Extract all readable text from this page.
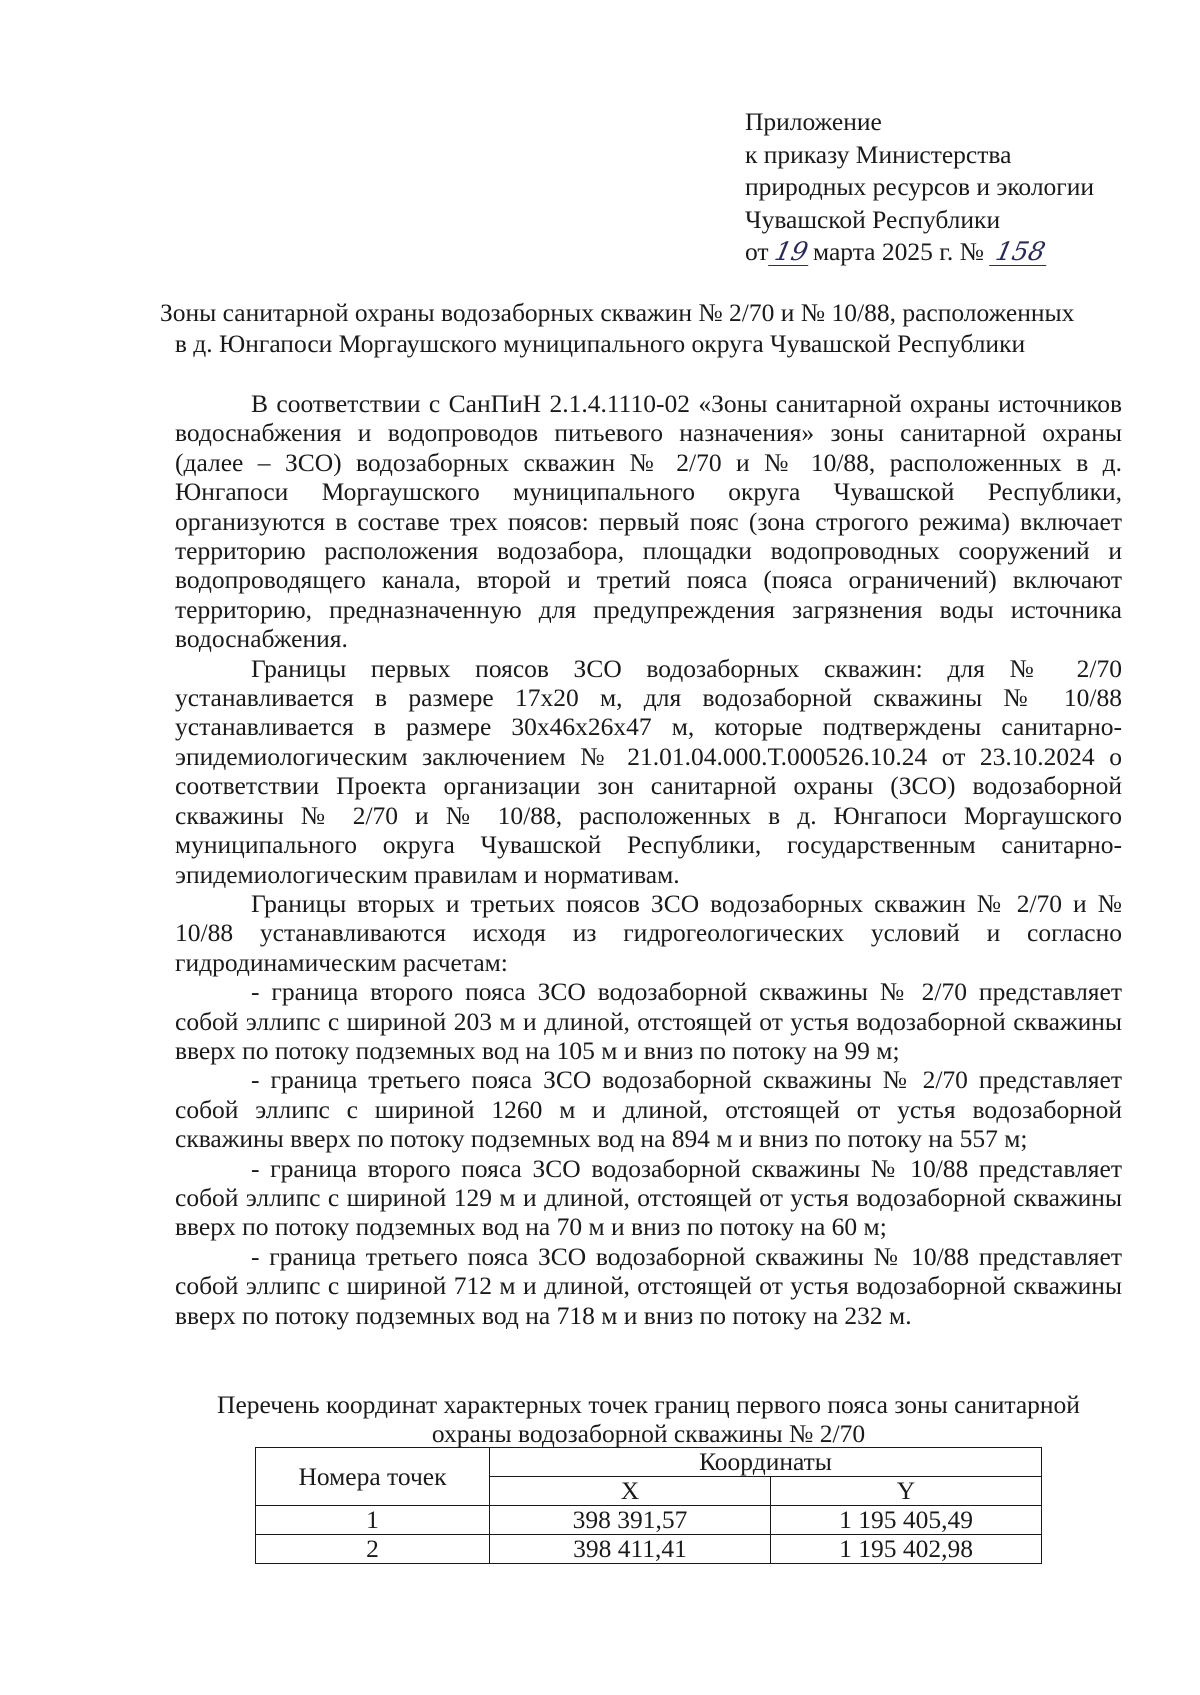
Приложение
к приказу Министерства
природных ресурсов и экологии
Чувашской Республики
от 19 марта 2025 г. № 158
Зоны санитарной охраны водозаборных скважин № 2/70 и № 10/88, расположенных
в д. Юнгапоси Моргаушского муниципального округа Чувашской Республики

В соответствии с СанПиН 2.1.4.1110-02 «Зоны санитарной охраны источников водоснабжения и водопроводов питьевого назначения» зоны санитарной охраны (далее – ЗСО) водозаборных скважин № 2/70 и № 10/88, расположенных в д. Юнгапоси Моргаушского муниципального округа Чувашской Республики, организуются в составе трех поясов: первый пояс (зона строгого режима) включает территорию расположения водозабора, площадки водопроводных сооружений и водопроводящего канала, второй и третий пояса (пояса ограничений) включают территорию, предназначенную для предупреждения загрязнения воды источника водоснабжения.

Границы первых поясов ЗСО водозаборных скважин: для № 2/70 устанавливается в размере 17х20 м, для водозаборной скважины № 10/88 устанавливается в размере 30х46х26х47 м, которые подтверждены санитарно-эпидемиологическим заключением № 21.01.04.000.Т.000526.10.24 от 23.10.2024 о соответствии Проекта организации зон санитарной охраны (ЗСО) водозаборной скважины № 2/70 и № 10/88, расположенных в д. Юнгапоси Моргаушского муниципального округа Чувашской Республики, государственным санитарно-эпидемиологическим правилам и нормативам.

Границы вторых и третьих поясов ЗСО водозаборных скважин № 2/70 и № 10/88 устанавливаются исходя из гидрогеологических условий и согласно гидродинамическим расчетам:

- граница второго пояса ЗСО водозаборной скважины № 2/70 представляет собой эллипс с шириной 203 м и длиной, отстоящей от устья водозаборной скважины вверх по потоку подземных вод на 105 м и вниз по потоку на 99 м;

- граница третьего пояса ЗСО водозаборной скважины № 2/70 представляет собой эллипс с шириной 1260 м и длиной, отстоящей от устья водозаборной скважины вверх по потоку подземных вод на 894 м и вниз по потоку на 557 м;

- граница второго пояса ЗСО водозаборной скважины № 10/88 представляет собой эллипс с шириной 129 м и длиной, отстоящей от устья водозаборной скважины вверх по потоку подземных вод на 70 м и вниз по потоку на 60 м;

- граница третьего пояса ЗСО водозаборной скважины № 10/88 представляет собой эллипс с шириной 712 м и длиной, отстоящей от устья водозаборной скважины вверх по потоку подземных вод на 718 м и вниз по потоку на 232 м.

Перечень координат характерных точек границ первого пояса зоны санитарной
охраны водозаборной скважины № 2/70
Номера точек	Координаты	
	X	Y
1	398 391,57	1 195 405,49
2	398 411,41	1 195 402,98
